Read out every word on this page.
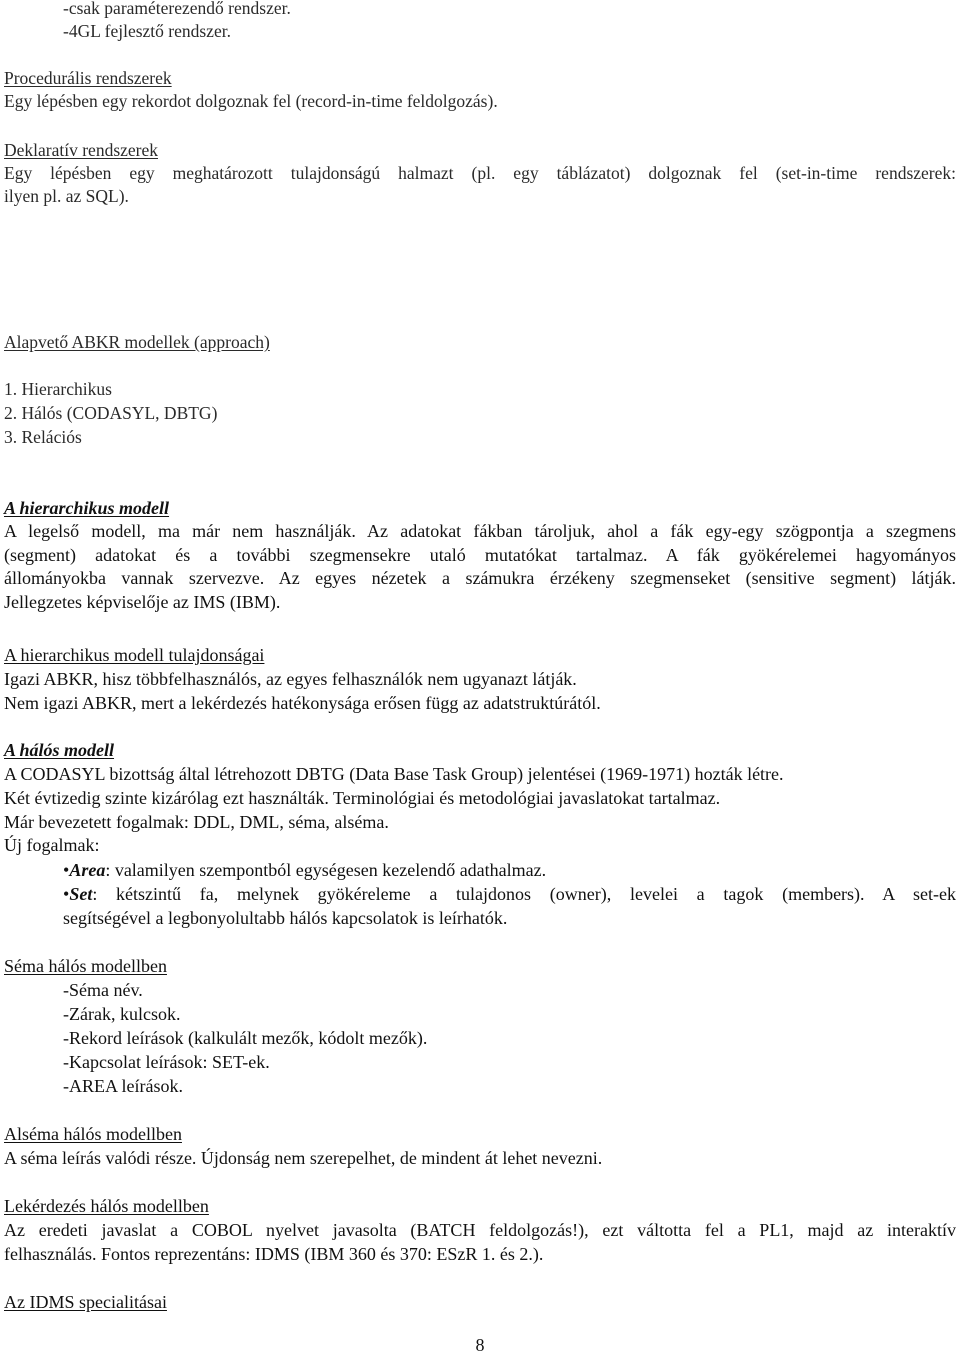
-csak paraméterezendő rendszer.
-4GL fejlesztő rendszer.
Procedurális rendszerek
Egy lépésben egy rekordot dolgoznak fel (record-in-time feldolgozás).
Deklaratív rendszerek
Egy lépésben egy meghatározott tulajdonságú halmazt (pl. egy táblázatot) dolgoznak fel (set-in-time rendszerek:
ilyen pl. az SQL).
Alapvető ABKR modellek (approach)
1. Hierarchikus
2. Hálós (CODASYL, DBTG)
3. Relációs
A hierarchikus modell
A legelső modell, ma már nem használják. Az adatokat fákban tároljuk, ahol a fák egy-egy szögpontja a szegmens
(segment) adatokat és a további szegmensekre utaló mutatókat tartalmaz. A fák gyökérelemei hagyományos
állományokba vannak szervezve. Az egyes nézetek a számukra érzékeny szegmenseket (sensitive segment) látják.
Jellegzetes képviselője az IMS (IBM).
A hierarchikus modell tulajdonságai
Igazi ABKR, hisz többfelhasználós, az egyes felhasználók nem ugyanazt látják.
Nem igazi ABKR, mert a lekérdezés hatékonysága erősen függ az adatstruktúrától.
A hálós modell
A CODASYL bizottság által létrehozott DBTG (Data Base Task Group) jelentései (1969-1971) hozták létre.
Két évtizedig szinte kizárólag ezt használták. Terminológiai és metodológiai javaslatokat tartalmaz.
Már bevezetett fogalmak: DDL, DML, séma, alséma.
Új fogalmak:
•Area: valamilyen szempontból egységesen kezelendő adathalmaz.
•Set: kétszintű fa, melynek gyökéreleme a tulajdonos (owner), levelei a tagok (members). A set-ek
segítségével a legbonyolultabb hálós kapcsolatok is leírhatók.
Séma hálós modellben
-Séma név.
-Zárak, kulcsok.
-Rekord leírások (kalkulált mezők, kódolt mezők).
-Kapcsolat leírások: SET-ek.
-AREA leírások.
Alséma hálós modellben
A séma leírás valódi része. Újdonság nem szerepelhet, de mindent át lehet nevezni.
Lekérdezés hálós modellben
Az eredeti javaslat a COBOL nyelvet javasolta (BATCH feldolgozás!), ezt váltotta fel a PL1, majd az interaktív
felhasználás. Fontos reprezentáns: IDMS (IBM 360 és 370: ESzR 1. és 2.).
Az IDMS specialitásai
8
